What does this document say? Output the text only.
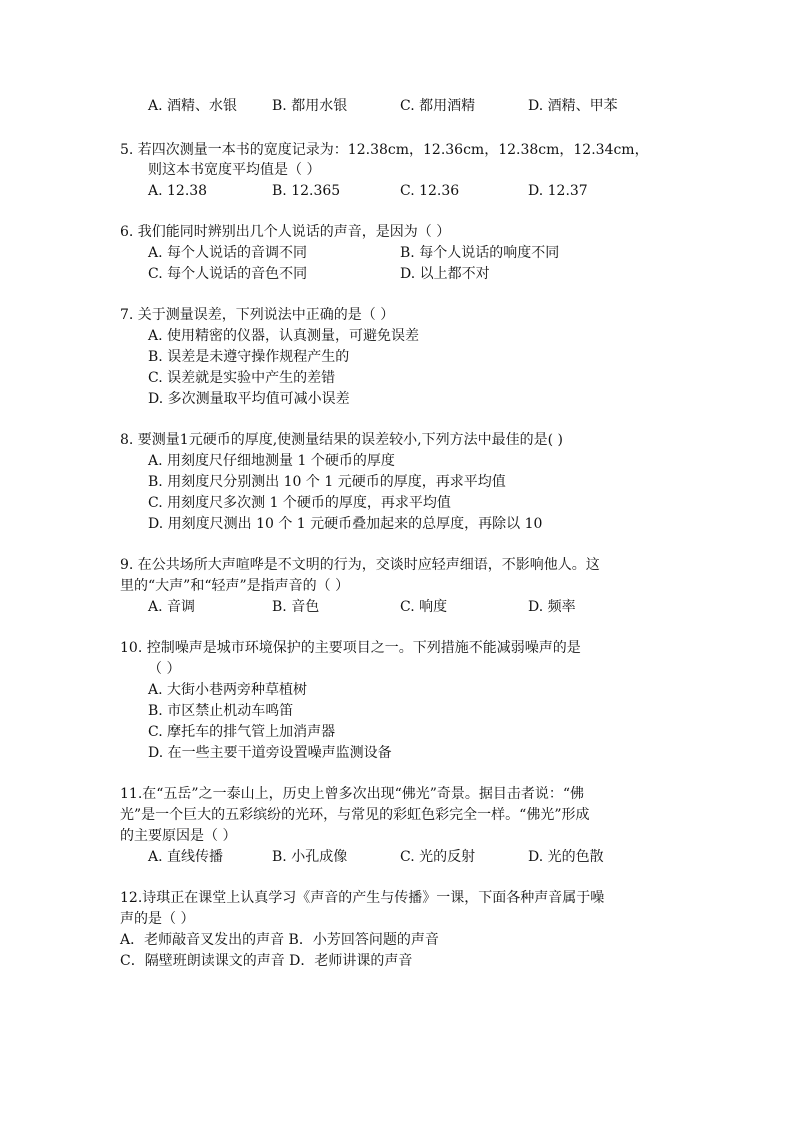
A. 酒精、水银 B. 都用水银	C. 都用酒精	D. 酒精、甲苯
5. 若四次测量一本书的宽度记录为：12.38cm，12.36cm，12.38cm，12.34cm，
则这本书宽度平均值是（ ）
A. 12.38	B. 12.365	C. 12.36	D. 12.37
6. 我们能同时辨别出几个人说话的声音，是因为（ ）
A. 每个人说话的音调不同	B. 每个人说话的响度不同
C. 每个人说话的音色不同	D. 以上都不对
7. 关于测量误差，下列说法中正确的是（ ）
A. 使用精密的仪器，认真测量，可避免误差
B. 误差是未遵守操作规程产生的
C. 误差就是实验中产生的差错
D. 多次测量取平均值可减小误差
8. 要测量1元硬币的厚度,使测量结果的误差较小,下列方法中最佳的是( )
A. 用刻度尺仔细地测量 1 个硬币的厚度
B. 用刻度尺分别测出 10 个 1 元硬币的厚度，再求平均值
C. 用刻度尺多次测 1 个硬币的厚度，再求平均值
D. 用刻度尺测出 10 个 1 元硬币叠加起来的总厚度，再除以 10
9. 在公共场所大声喧哗是不文明的行为，交谈时应轻声细语，不影响他人。这
里的“大声”和“轻声”是指声音的（ ）
A. 音调	B. 音色	C. 响度	D. 频率
10. 控制噪声是城市环境保护的主要项目之一。下列措施不能减弱噪声的是
（ ）
A. 大街小巷两旁种草植树
B. 市区禁止机动车鸣笛
C. 摩托车的排气管上加消声器
D. 在一些主要干道旁设置噪声监测设备
11.在“五岳”之一泰山上，历史上曾多次出现“佛光”奇景。据目击者说：“佛
光”是一个巨大的五彩缤纷的光环，与常见的彩虹色彩完全一样。“佛光”形成
的主要原因是（ ）
A. 直线传播	B. 小孔成像	C. 光的反射	D. 光的色散
12.诗琪正在课堂上认真学习《声音的产生与传播》一课，下面各种声音属于噪
声的是（ ）
A．老师敲音叉发出的声音 B．小芳回答问题的声音
C．隔壁班朗读课文的声音 D．老师讲课的声音
